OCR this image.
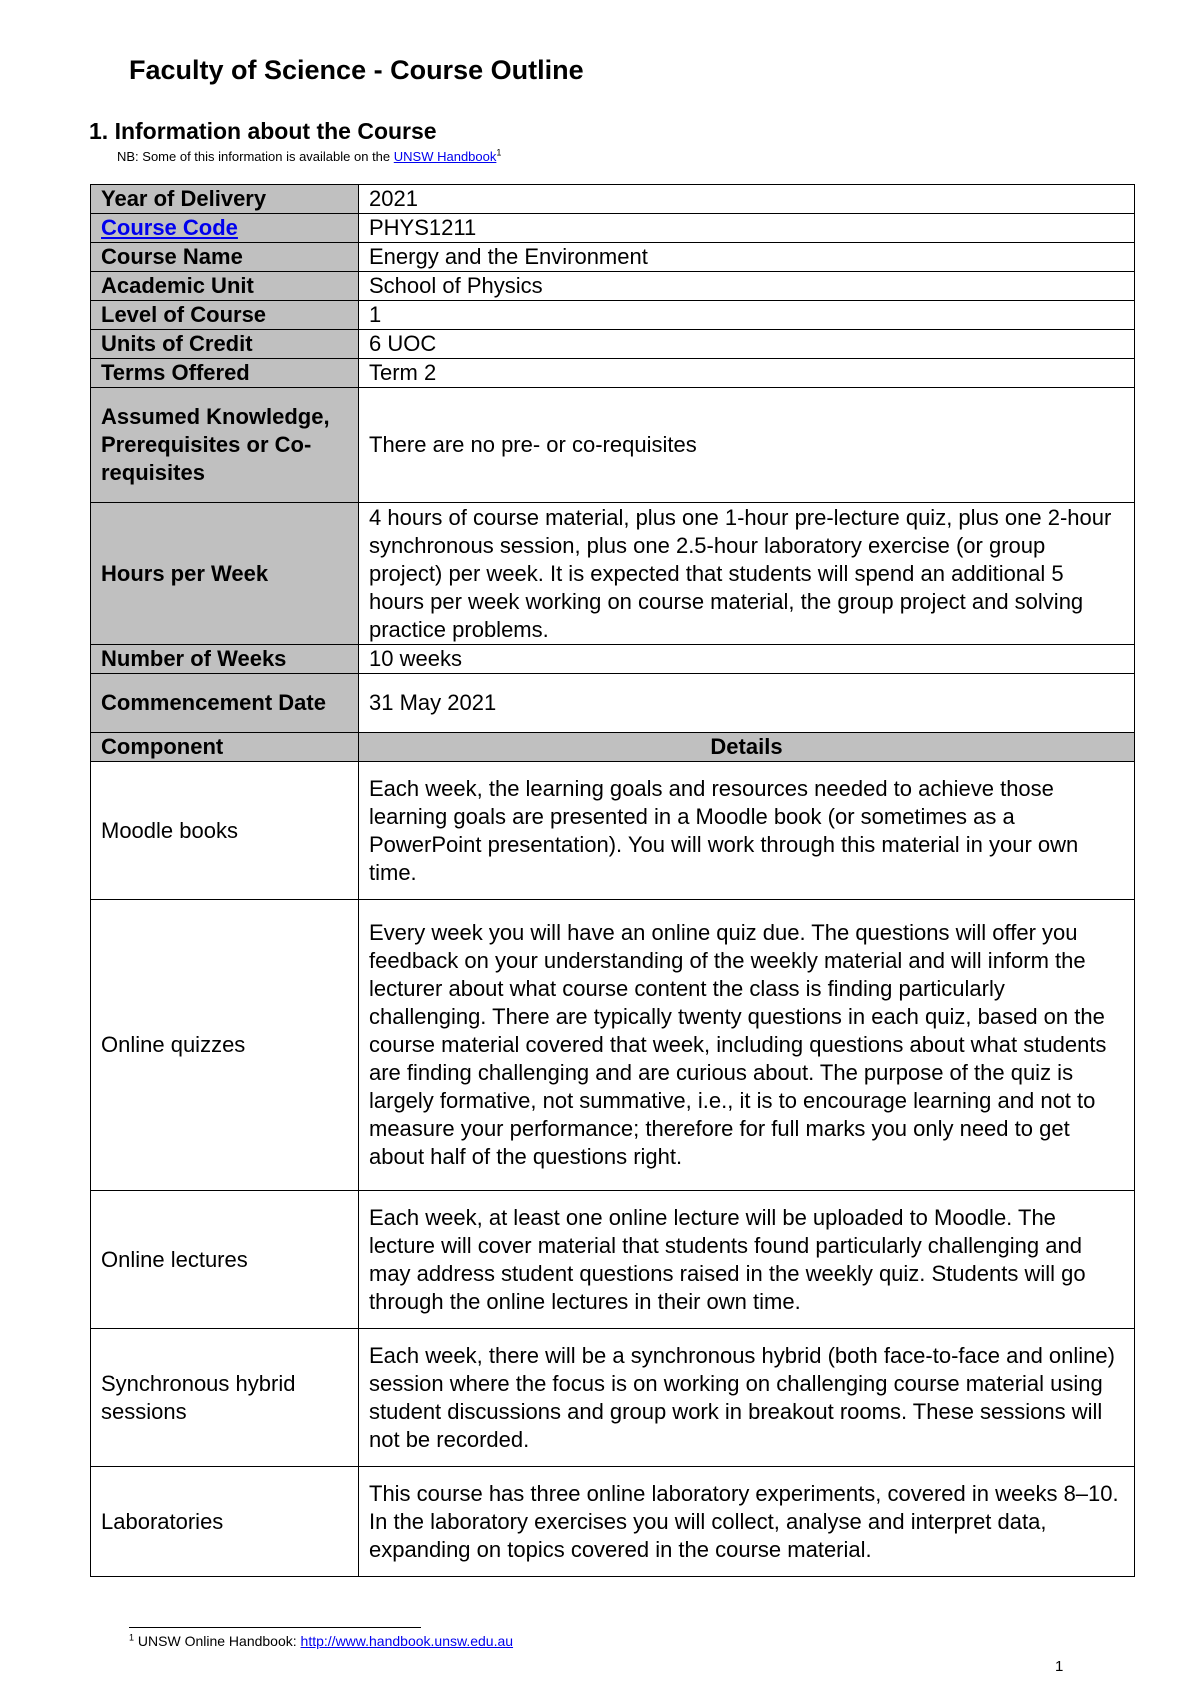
Faculty of Science - Course Outline
1. Information about the Course
NB: Some of this information is available on the UNSW Handbook$^1$
Year of Delivery	2021
Course Code	PHYS1211
Course Name	Energy and the Environment
Academic Unit	School of Physics
Level of Course	1
Units of Credit	6 UOC
Terms Offered	Term 2
Assumed Knowledge, Prerequisites or Co-requisites	There are no pre- or co-requisites
Hours per Week	4 hours of course material, plus one 1-hour pre-lecture quiz, plus one 2-hour synchronous session, plus one 2.5-hour laboratory exercise (or group project) per week. It is expected that students will spend an additional 5 hours per week working on course material, the group project and solving practice problems.
Number of Weeks	10 weeks
Commencement Date	31 May 2021
Component	Details
Moodle books	Each week, the learning goals and resources needed to achieve those learning goals are presented in a Moodle book (or sometimes as a PowerPoint presentation). You will work through this material in your own time.
Online quizzes	Every week you will have an online quiz due. The questions will offer you feedback on your understanding of the weekly material and will inform the lecturer about what course content the class is finding particularly challenging. There are typically twenty questions in each quiz, based on the course material covered that week, including questions about what students are finding challenging and are curious about. The purpose of the quiz is largely formative, not summative, i.e., it is to encourage learning and not to measure your performance; therefore for full marks you only need to get about half of the questions right.
Online lectures	Each week, at least one online lecture will be uploaded to Moodle. The lecture will cover material that students found particularly challenging and may address student questions raised in the weekly quiz. Students will go through the online lectures in their own time.
Synchronous hybrid sessions	Each week, there will be a synchronous hybrid (both face-to-face and online) session where the focus is on working on challenging course material using student discussions and group work in breakout rooms. These sessions will not be recorded.
Laboratories	This course has three online laboratory experiments, covered in weeks 8–10. In the laboratory exercises you will collect, analyse and interpret data, expanding on topics covered in the course material.
$^1$ UNSW Online Handbook: http://www.handbook.unsw.edu.au
1
